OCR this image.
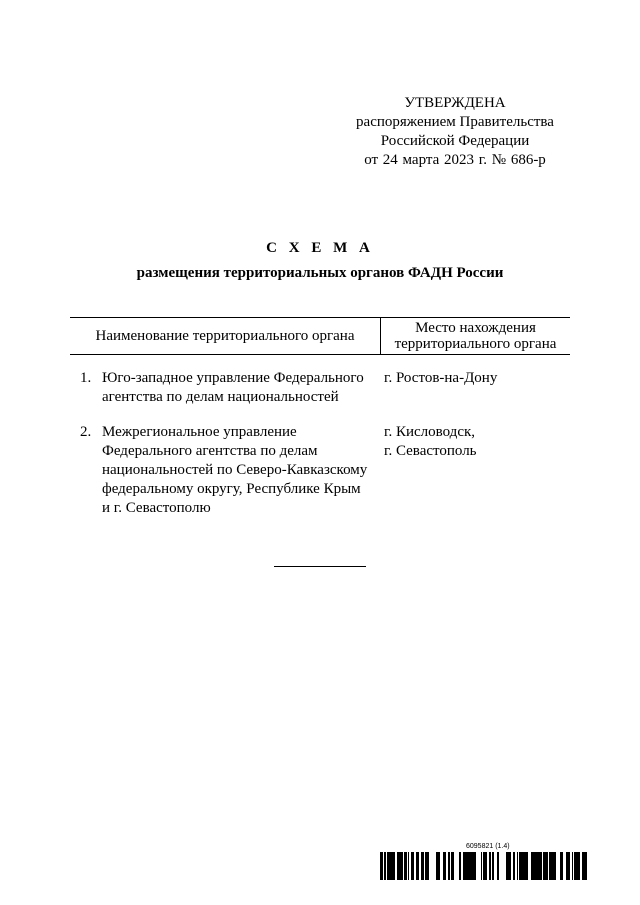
УТВЕРЖДЕНА
распоряжением Правительства
Российской Федерации
от 24 марта 2023 г. № 686-р
С Х Е М А
размещения территориальных органов ФАДН России
Наименование территориального органа	Место нахождения
территориального органа
1. Юго-западное управление Федерального
агентства по делам национальностей
г. Ростов-на-Дону
2. Межрегиональное управление
Федерального агентства по делам
национальностей по Северо-Кавказскому
федеральному округу, Республике Крым
и г. Севастополю
г. Кисловодск,
г. Севастополь
6095821 (1.4)
